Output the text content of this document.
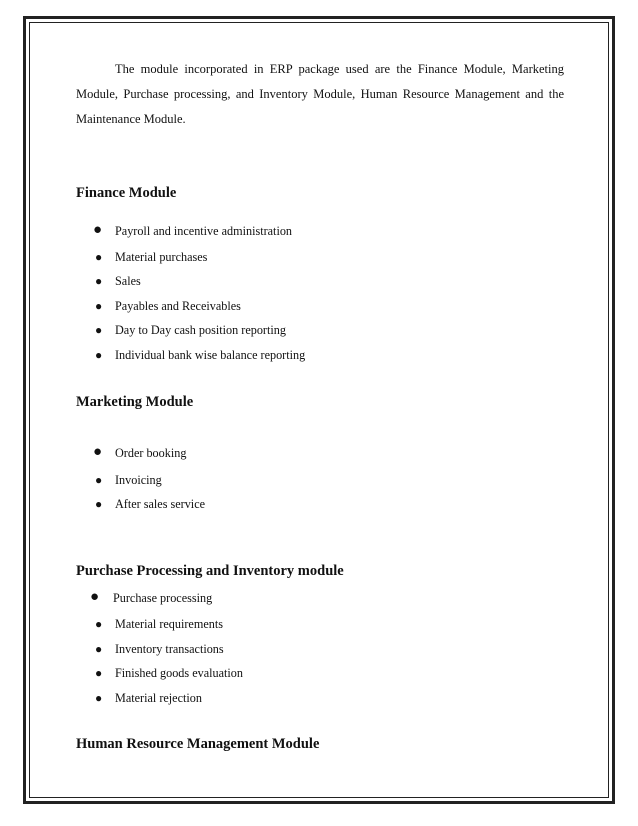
The module incorporated in ERP package used are the Finance Module, Marketing Module, Purchase processing, and Inventory Module, Human Resource Management and the Maintenance Module.

Finance Module
● Payroll and incentive administration
● Material purchases
● Sales
● Payables and Receivables
● Day to Day cash position reporting
● Individual bank wise balance reporting
Marketing Module
● Order booking
● Invoicing
● After sales service
Purchase Processing and Inventory module
● Purchase processing
● Material requirements
● Inventory transactions
● Finished goods evaluation
● Material rejection
Human Resource Management Module
